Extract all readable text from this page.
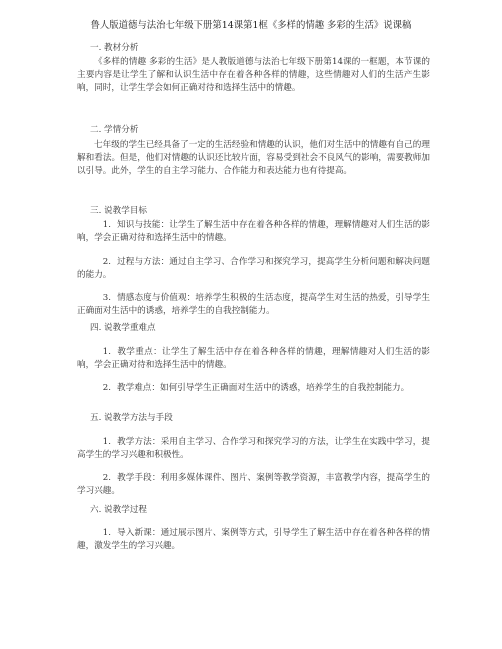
鲁人版道德与法治七年级下册第14课第1框《多样的情趣 多彩的生活》说课稿
一. 教材分析
《多样的情趣 多彩的生活》是人教版道德与法治七年级下册第14课的一框题，本节课的主要内容是让学生了解和认识生活中存在着各种各样的情趣，这些情趣对人们的生活产生影响，同时，让学生学会如何正确对待和选择生活中的情趣。
二. 学情分析
七年级的学生已经具备了一定的生活经验和情趣的认识，他们对生活中的情趣有自己的理解和看法。但是，他们对情趣的认识还比较片面，容易受到社会不良风气的影响，需要教师加以引导。此外，学生的自主学习能力、合作能力和表达能力也有待提高。
三. 说教学目标
1. 知识与技能：让学生了解生活中存在着各种各样的情趣，理解情趣对人们生活的影响，学会正确对待和选择生活中的情趣。
2. 过程与方法：通过自主学习、合作学习和探究学习，提高学生分析问题和解决问题的能力。
3. 情感态度与价值观：培养学生积极的生活态度，提高学生对生活的热爱，引导学生正确面对生活中的诱惑，培养学生的自我控制能力。
四. 说教学重难点
1. 教学重点：让学生了解生活中存在着各种各样的情趣，理解情趣对人们生活的影响，学会正确对待和选择生活中的情趣。
2. 教学难点：如何引导学生正确面对生活中的诱惑，培养学生的自我控制能力。
五. 说教学方法与手段
1. 教学方法：采用自主学习、合作学习和探究学习的方法，让学生在实践中学习，提高学生的学习兴趣和积极性。
2. 教学手段：利用多媒体课件、图片、案例等教学资源，丰富教学内容，提高学生的学习兴趣。
六. 说教学过程
1. 导入新课：通过展示图片、案例等方式，引导学生了解生活中存在着各种各样的情趣，激发学生的学习兴趣。
